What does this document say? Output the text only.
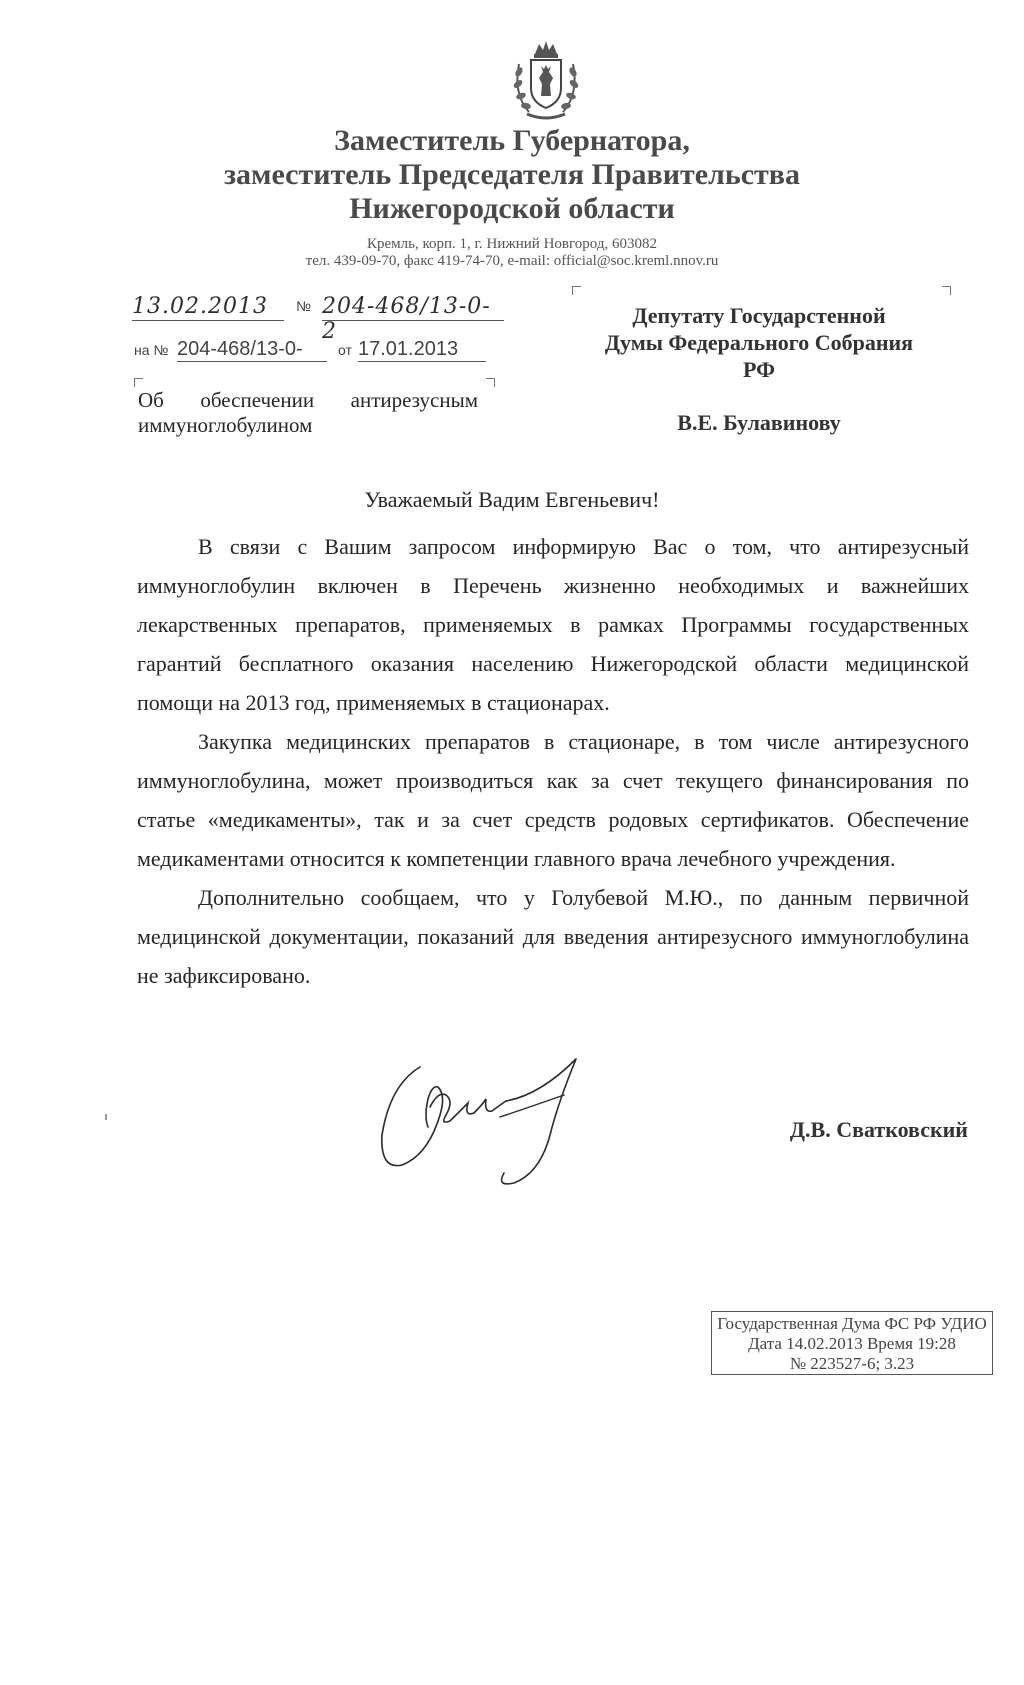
Заместитель Губернатора,
заместитель Председателя Правительства
Нижегородской области
Кремль, корп. 1, г. Нижний Новгород, 603082
тел. 439-09-70, факс 419-74-70, e-mail: official@soc.kreml.nnov.ru
13.02.2013	№ 204-468/13-0-2
на № 204-468/13-0-	от 17.01.2013
Об обеспечении антирезусным
иммуноглобулином
Депутату Государстенной
Думы Федерального Собрания
РФ
В.Е. Булавинову
Уважаемый Вадим Евгеньевич!

В связи с Вашим запросом информирую Вас о том, что антирезусный иммуноглобулин включен в Перечень жизненно необходимых и важнейших лекарственных препаратов, применяемых в рамках Программы государственных гарантий бесплатного оказания населению Нижегородской области медицинской помощи на 2013 год, применяемых в стационарах.

Закупка медицинских препаратов в стационаре, в том числе антирезусного иммуноглобулина, может производиться как за счет текущего финансирования по статье «медикаменты», так и за счет средств родовых сертификатов. Обеспечение медикаментами относится к компетенции главного врача лечебного учреждения.

Дополнительно сообщаем, что у Голубевой М.Ю., по данным первичной медицинской документации, показаний для введения антирезусного иммуноглобулина не зафиксировано.

Д.В. Сватковский
Государственная Дума ФС РФ УДИО
Дата 14.02.2013 Время 19:28
№ 223527-6; 3.23
